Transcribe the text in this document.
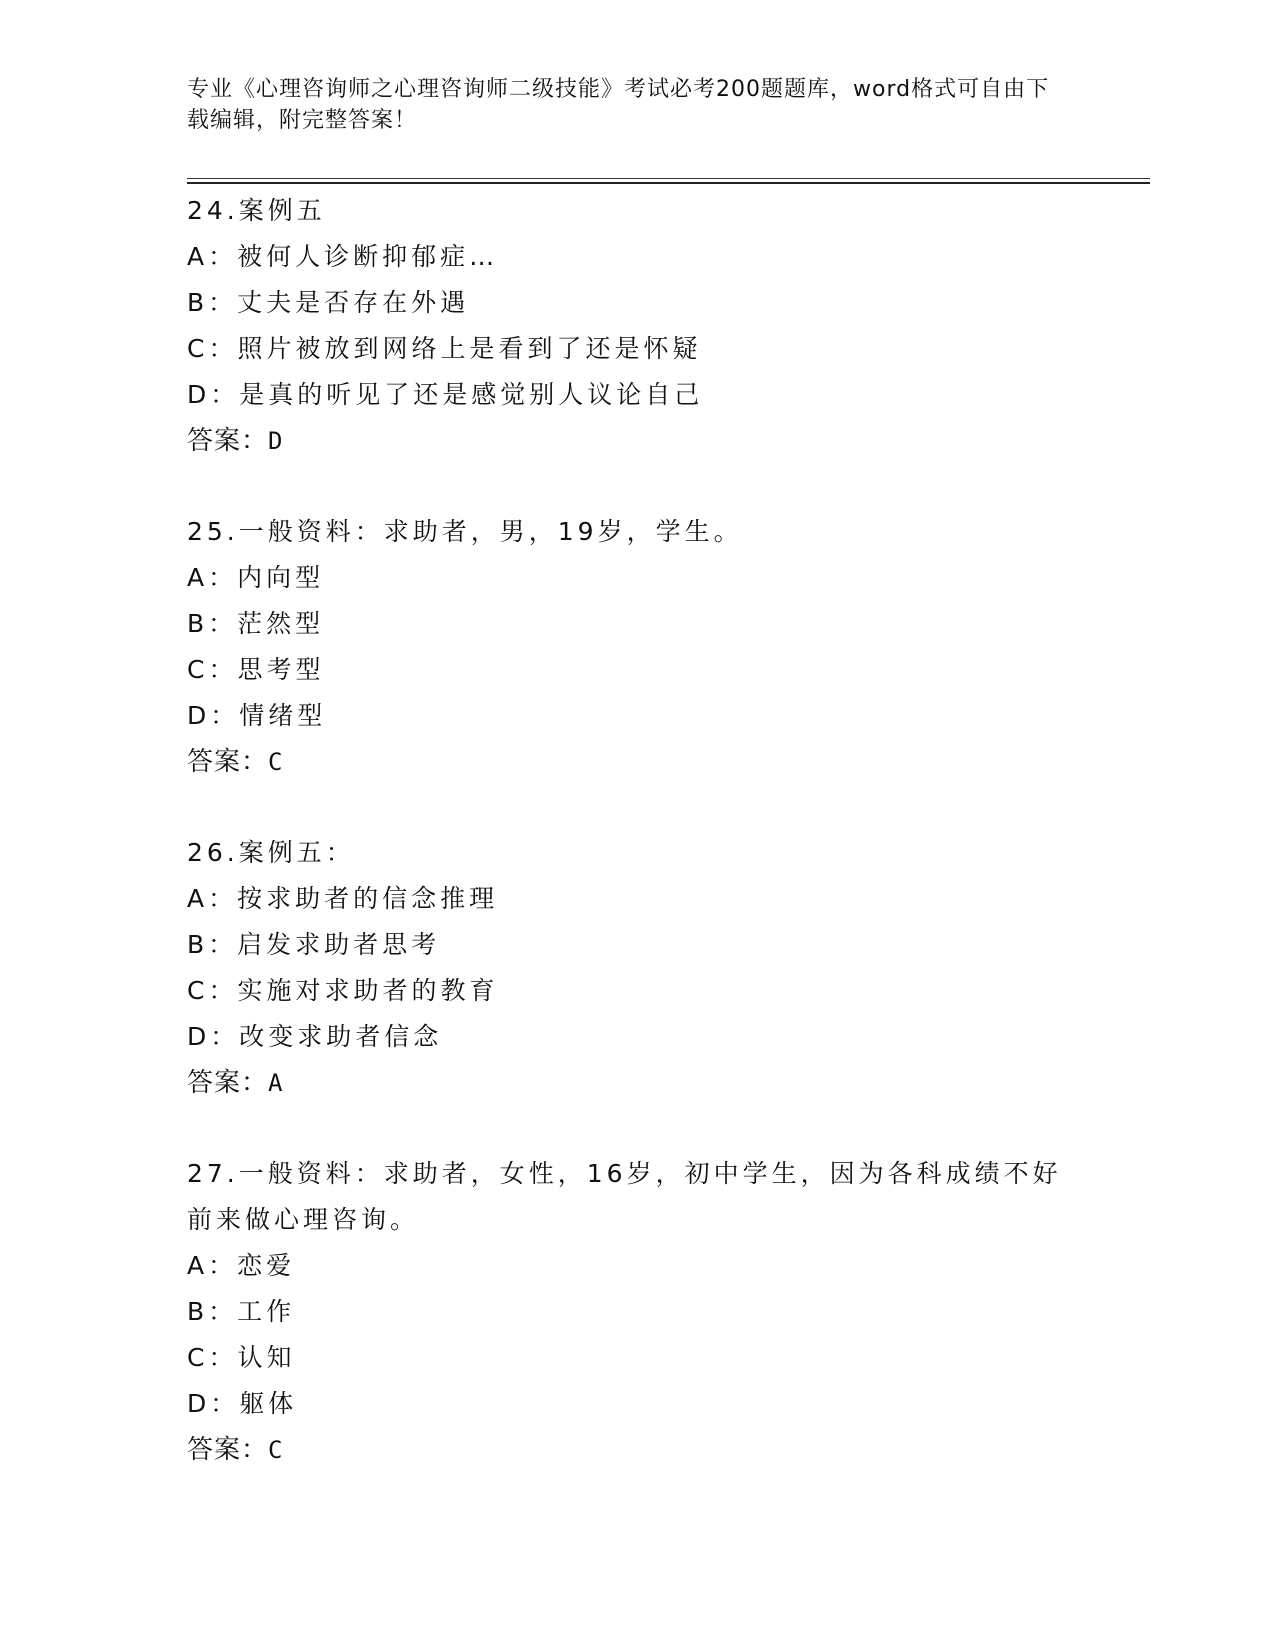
专业《心理咨询师之心理咨询师二级技能》考试必考200题题库，word格式可自由下载编辑，附完整答案！
24.案例五
A：被何人诊断抑郁症…
B：丈夫是否存在外遇
C：照片被放到网络上是看到了还是怀疑
D：是真的听见了还是感觉别人议论自己
答案：D
25.一般资料：求助者，男，19岁，学生。
A：内向型
B：茫然型
C：思考型
D：情绪型
答案：C
26.案例五：
A：按求助者的信念推理
B：启发求助者思考
C：实施对求助者的教育
D：改变求助者信念
答案：A
27.一般资料：求助者，女性，16岁，初中学生，因为各科成绩不好前来做心理咨询。
A：恋爱
B：工作
C：认知
D：躯体
答案：C
